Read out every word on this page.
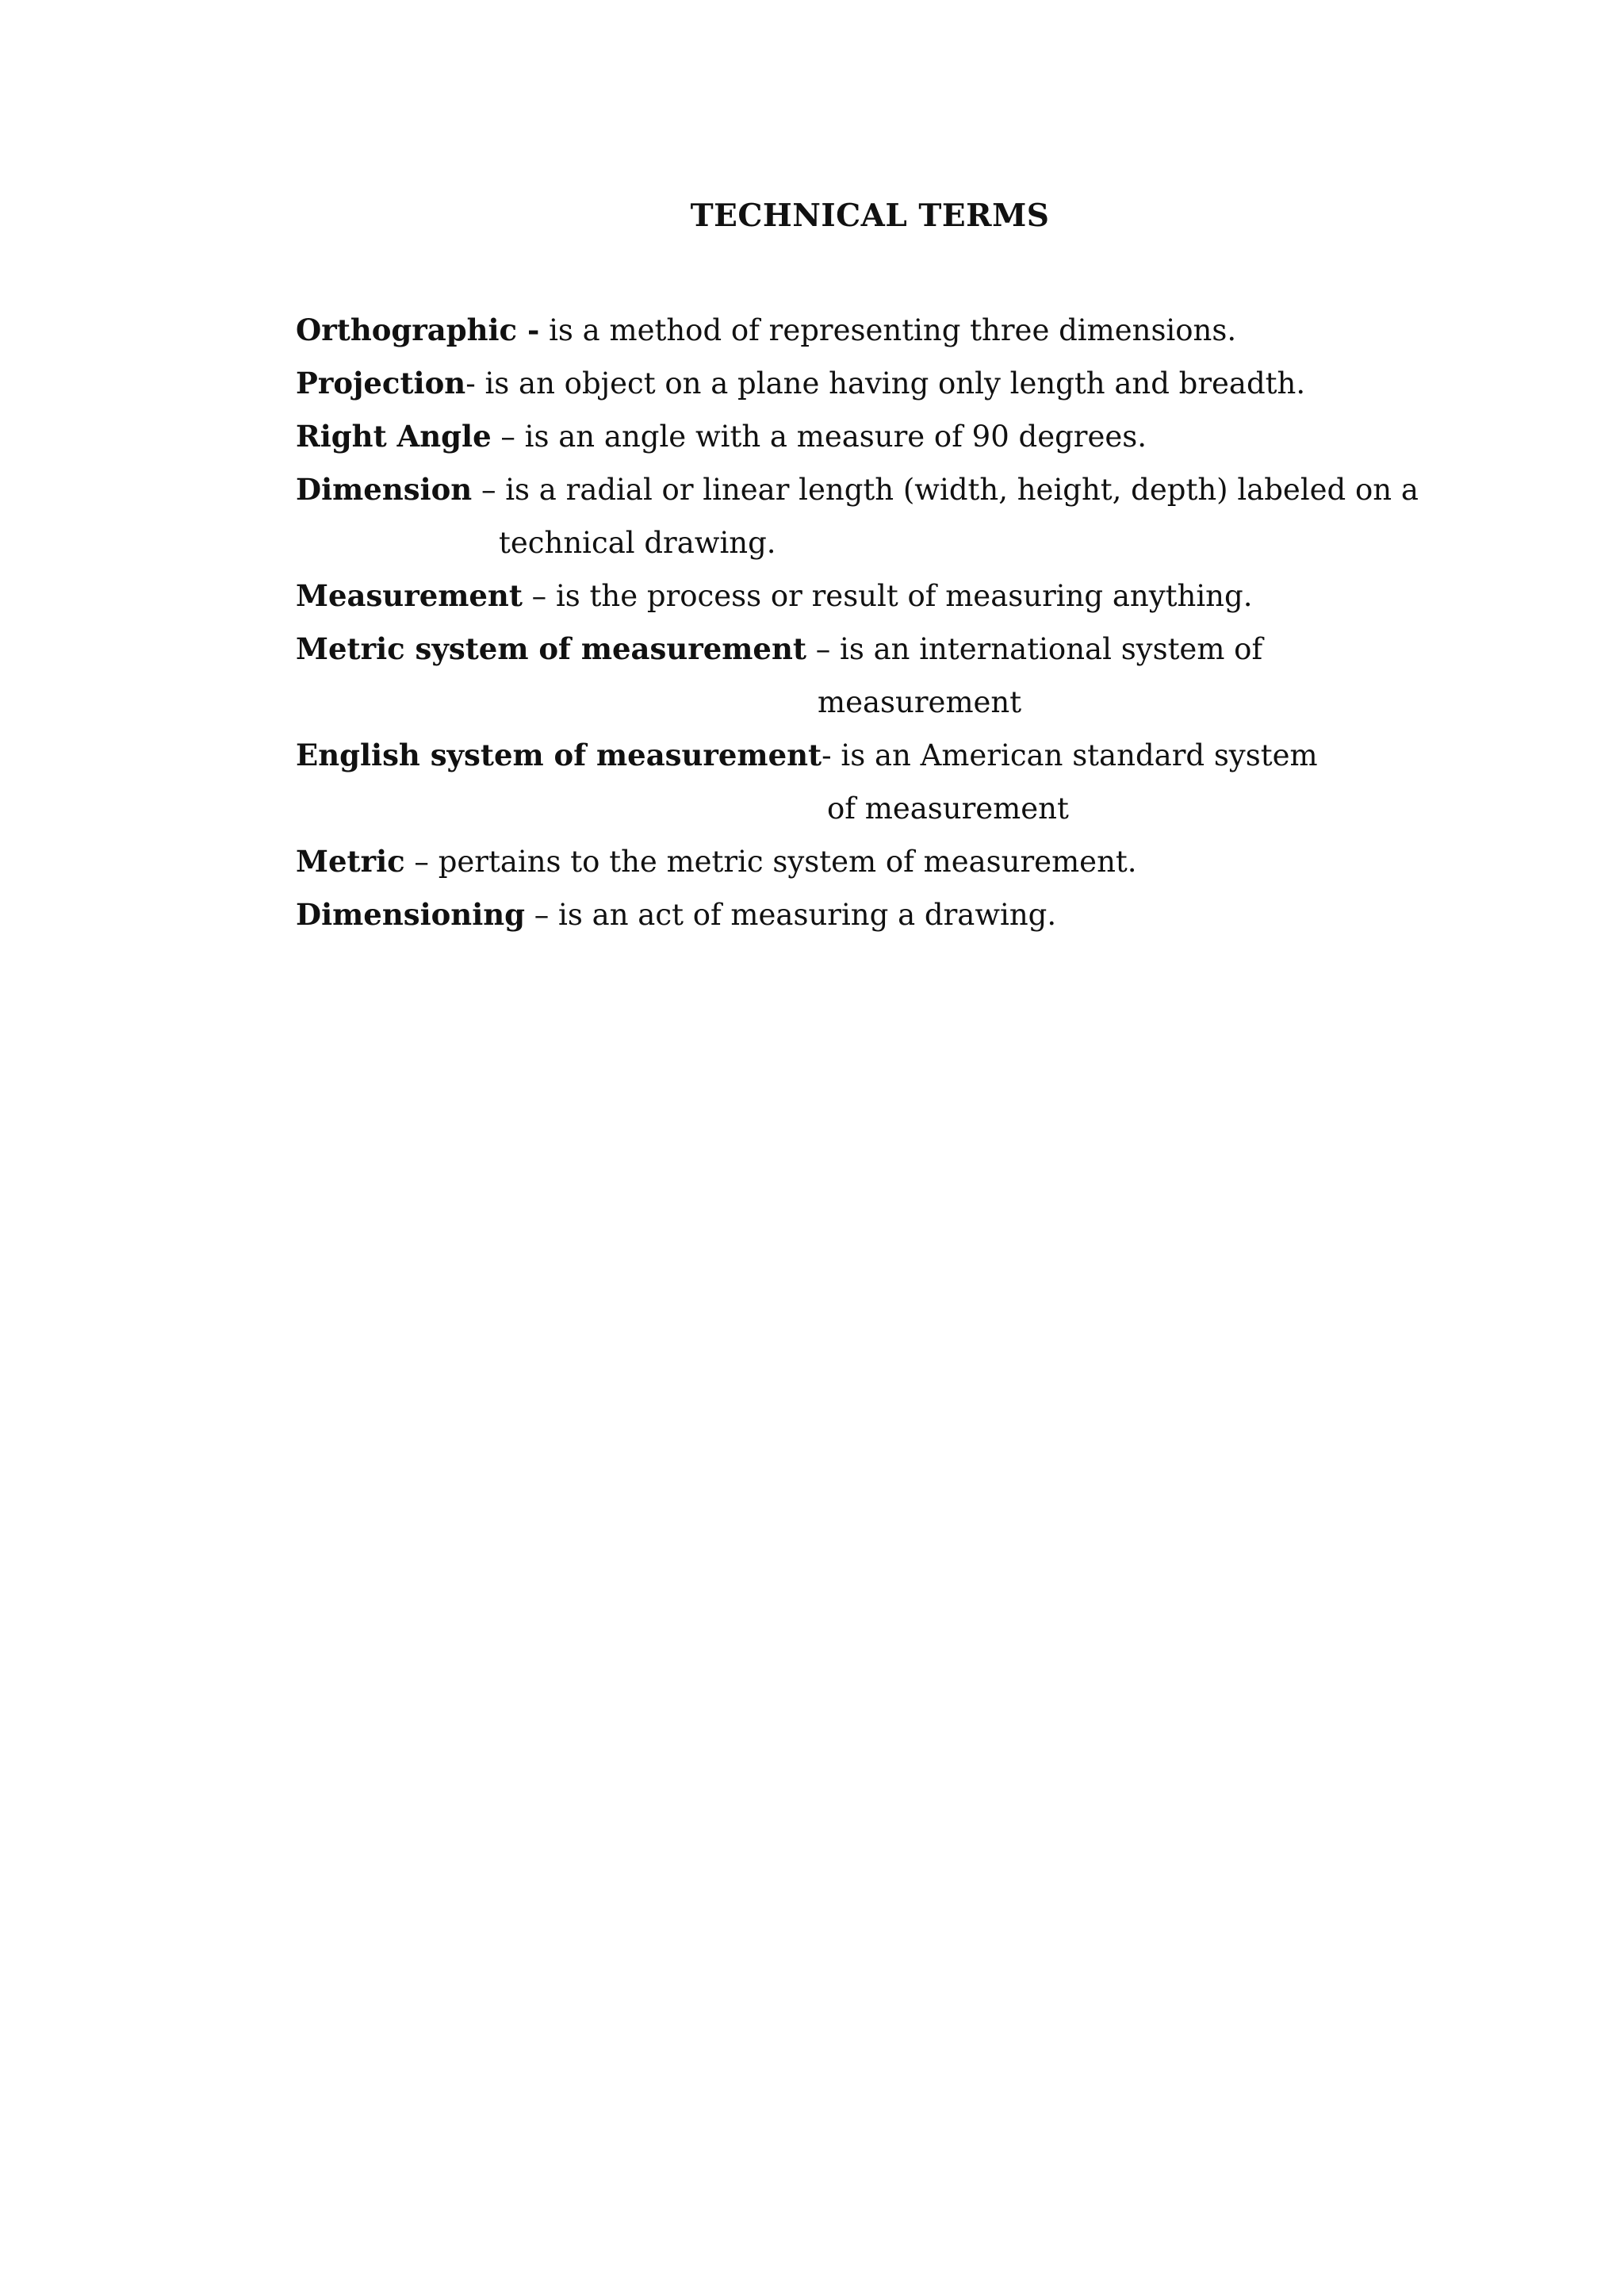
TECHNICAL TERMS
Orthographic - is a method of representing three dimensions.
Projection- is an object on a plane having only length and breadth.
Right Angle – is an angle with a measure of 90 degrees.
Dimension – is a radial or linear length (width, height, depth) labeled on a
technical drawing.
Measurement – is the process or result of measuring anything.
Metric system of measurement – is an international system of
measurement
English system of measurement- is an American standard system
of measurement
Metric – pertains to the metric system of measurement.
Dimensioning – is an act of measuring a drawing.
